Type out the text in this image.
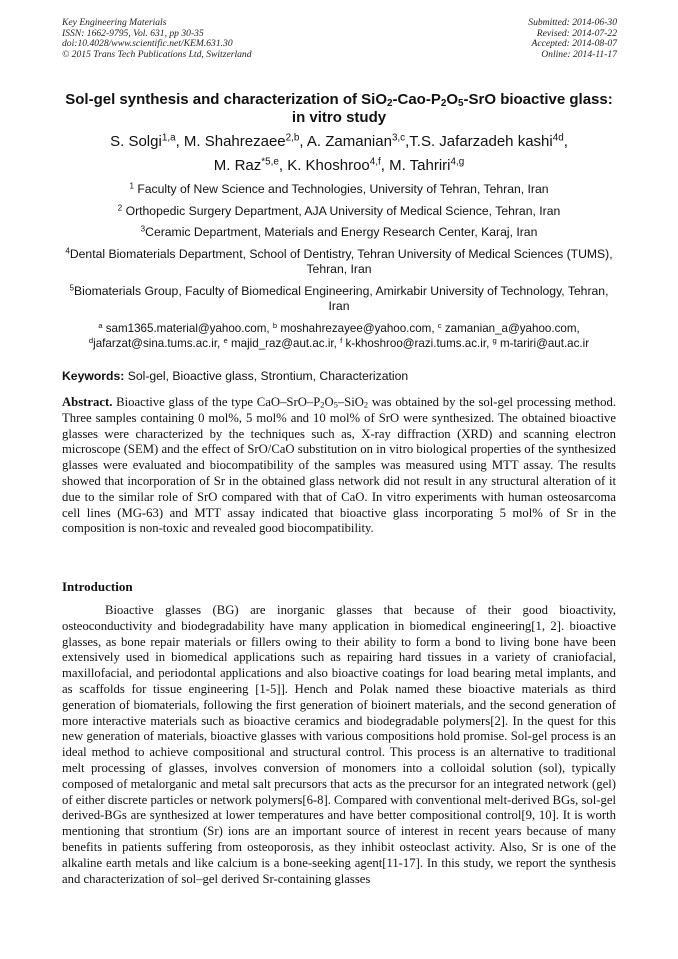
Key Engineering Materials
ISSN: 1662-9795, Vol. 631, pp 30-35
doi:10.4028/www.scientific.net/KEM.631.30
© 2015 Trans Tech Publications Ltd, Switzerland
Submitted: 2014-06-30
Revised: 2014-07-22
Accepted: 2014-08-07
Online: 2014-11-17
Sol-gel synthesis and characterization of $SiO_2-Cao-P_2O_5$-SrO bioactive glass: in vitro study
S. Solgi$^{1,a}$, M. Shahrezaee$^{2,b}$, A. Zamanian$^{3,c}$,T.S. Jafarzadeh kashi$^{4d}$,
M. Raz$^{*5,e}$, K. Khoshroo$^{4,f}$, M. Tahriri$^{4,g}$
$^1$ Faculty of New Science and Technologies, University of Tehran, Tehran, Iran
$^2$ Orthopedic Surgery Department, AJA University of Medical Science, Tehran, Iran
$^3$Ceramic Department, Materials and Energy Research Center, Karaj, Iran
$^4$Dental Biomaterials Department, School of Dentistry, Tehran University of Medical Sciences (TUMS), Tehran, Iran
$^5$Biomaterials Group, Faculty of Biomedical Engineering, Amirkabir University of Technology, Tehran, Iran
$^a$ sam1365.material@yahoo.com, $^b$ moshahrezayee@yahoo.com, $^c$ zamanian_a@yahoo.com,
$^d$jafarzat@sina.tums.ac.ir, $^e$ majid_raz@aut.ac.ir, $^f$ k-khoshroo@razi.tums.ac.ir, $^g$ m-tariri@aut.ac.ir
Keywords: Sol-gel, Bioactive glass, Strontium, Characterization
Abstract. Bioactive glass of the type CaO–$SrO-P_2O_5-SiO_2$ was obtained by the sol-gel processing method. Three samples containing 0 mol%, 5 mol% and 10 mol% of SrO were synthesized. The obtained bioactive glasses were characterized by the techniques such as, X-ray diffraction (XRD) and scanning electron microscope (SEM) and the effect of SrO/CaO substitution on in vitro biological properties of the synthesized glasses were evaluated and biocompatibility of the samples was measured using MTT assay. The results showed that incorporation of Sr in the obtained glass network did not result in any structural alteration of it due to the similar role of SrO compared with that of CaO. In vitro experiments with human osteosarcoma cell lines (MG-63) and MTT assay indicated that bioactive glass incorporating 5 mol% of Sr in the composition is non-toxic and revealed good biocompatibility.
Introduction
Bioactive glasses (BG) are inorganic glasses that because of their good bioactivity, osteoconductivity and biodegradability have many application in biomedical engineering[1, 2]. bioactive glasses, as bone repair materials or fillers owing to their ability to form a bond to living bone have been extensively used in biomedical applications such as repairing hard tissues in a variety of craniofacial, maxillofacial, and periodontal applications and also bioactive coatings for load bearing metal implants, and as scaffolds for tissue engineering [1-5]]. Hench and Polak named these bioactive materials as third generation of biomaterials, following the first generation of bioinert materials, and the second generation of more interactive materials such as bioactive ceramics and biodegradable polymers[2]. In the quest for this new generation of materials, bioactive glasses with various compositions hold promise. Sol-gel process is an ideal method to achieve compositional and structural control. This process is an alternative to traditional melt processing of glasses, involves conversion of monomers into a colloidal solution (sol), typically composed of metalorganic and metal salt precursors that acts as the precursor for an integrated network (gel) of either discrete particles or network polymers[6-8]. Compared with conventional melt-derived BGs, sol-gel derived-BGs are synthesized at lower temperatures and have better compositional control[9, 10]. It is worth mentioning that strontium (Sr) ions are an important source of interest in recent years because of many benefits in patients suffering from osteoporosis, as they inhibit osteoclast activity. Also, Sr is one of the alkaline earth metals and like calcium is a bone-seeking agent[11-17]. In this study, we report the synthesis and characterization of sol–gel derived Sr-containing glasses
